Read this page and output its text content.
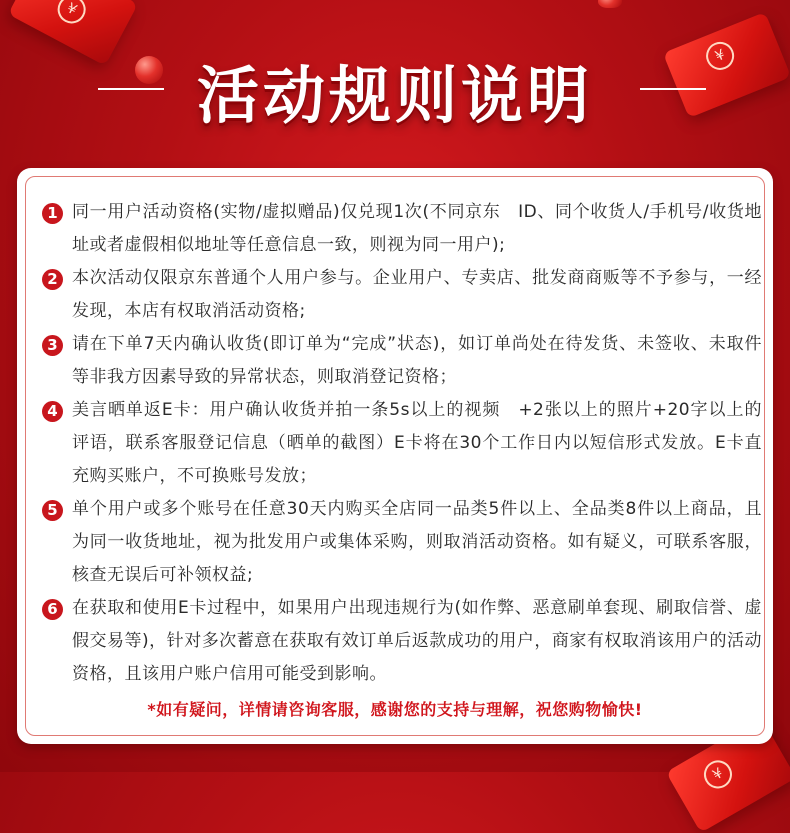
¥
¥
¥
活动规则说明
1 同一用户活动资格(实物/虚拟赠品)仅兑现1次(不同京东　ID、同个收货人/手机号/收货地址或者虚假相似地址等任意信息一致，则视为同一用户);
2 本次活动仅限京东普通个人用户参与。企业用户、专卖店、批发商商贩等不予参与，一经发现，本店有权取消活动资格;
3 请在下单7天内确认收货(即订单为“完成”状态)，如订单尚处在待发货、未签收、未取件等非我方因素导致的异常状态，则取消登记资格；
4 美言晒单返E卡：用户确认收货并拍一条5s以上的视频　+2张以上的照片+20字以上的评语，联系客服登记信息（晒单的截图）E卡将在30个工作日内以短信形式发放。E卡直充购买账户，不可换账号发放；
5 单个用户或多个账号在任意30天内购买全店同一品类5件以上、全品类8件以上商品，且为同一收货地址，视为批发用户或集体采购，则取消活动资格。如有疑义，可联系客服，核查无误后可补领权益;
6 在获取和使用E卡过程中，如果用户出现违规行为(如作弊、恶意刷单套现、刷取信誉、虚假交易等)，针对多次蓄意在获取有效订单后返款成功的用户，商家有权取消该用户的活动资格，且该用户账户信用可能受到影响。
*如有疑问，详情请咨询客服，感谢您的支持与理解，祝您购物愉快!
